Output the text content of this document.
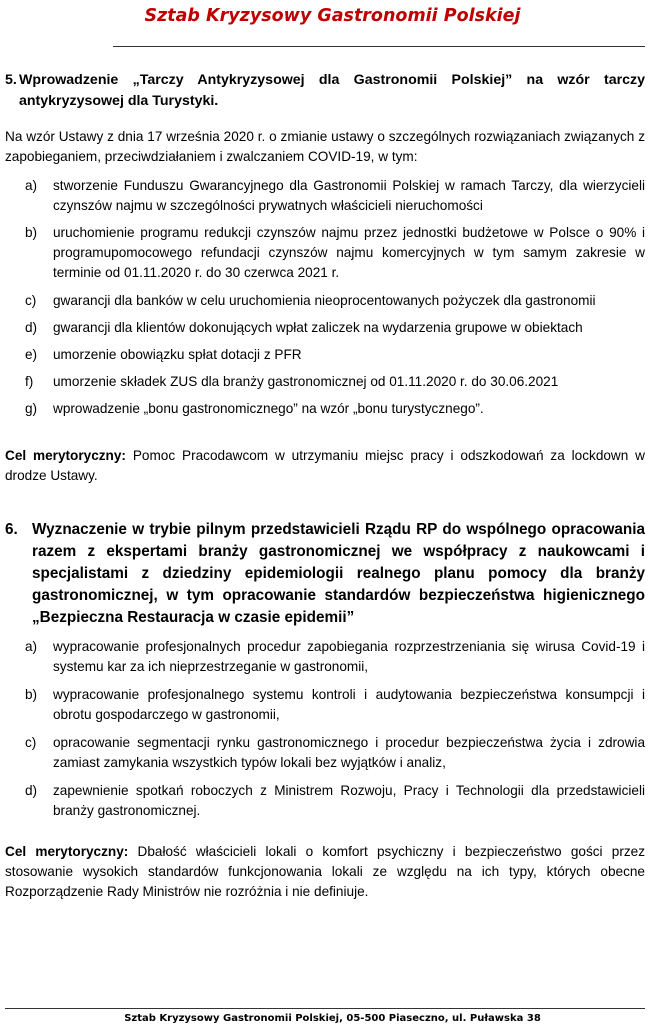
Sztab Kryzysowy Gastronomii Polskiej
5. Wprowadzenie „Tarczy Antykryzysowej dla Gastronomii Polskiej” na wzór tarczy antykryzysowej dla Turystyki.

Na wzór Ustawy z dnia 17 września 2020 r. o zmianie ustawy o szczególnych rozwiązaniach związanych z zapobieganiem, przeciwdziałaniem i zwalczaniem COVID-19, w tym:

a)	stworzenie Funduszu Gwarancyjnego dla Gastronomii Polskiej w ramach Tarczy, dla wierzycieli czynszów najmu w szczególności prywatnych właścicieli nieruchomości
b)	uruchomienie programu redukcji czynszów najmu przez jednostki budżetowe w Polsce o 90% i programupomocowego refundacji czynszów najmu komercyjnych w tym samym zakresie w terminie od 01.11.2020 r. do 30 czerwca 2021 r.
c)	gwarancji dla banków w celu uruchomienia nieoprocentowanych pożyczek dla gastronomii
d)	gwarancji dla klientów dokonujących wpłat zaliczek na wydarzenia grupowe w obiektach
e)	umorzenie obowiązku spłat dotacji z PFR
f)	umorzenie składek ZUS dla branży gastronomicznej od 01.11.2020 r. do 30.06.2021
g)	wprowadzenie „bonu gastronomicznego” na wzór „bonu turystycznego”.

Cel merytoryczny: Pomoc Pracodawcom w utrzymaniu miejsc pracy i odszkodowań za lockdown w drodze Ustawy.

6. Wyznaczenie w trybie pilnym przedstawicieli Rządu RP do wspólnego opracowania razem z ekspertami branży gastronomicznej we współpracy z naukowcami i specjalistami z dziedziny epidemiologii realnego planu pomocy dla branży gastronomicznej, w tym opracowanie standardów bezpieczeństwa higienicznego „Bezpieczna Restauracja w czasie epidemii”
a)	wypracowanie profesjonalnych procedur zapobiegania rozprzestrzeniania się wirusa Covid-19 i systemu kar za ich nieprzestrzeganie w gastronomii,
b)	wypracowanie profesjonalnego systemu kontroli i audytowania bezpieczeństwa konsumpcji i obrotu gospodarczego w gastronomii,
c)	opracowanie segmentacji rynku gastronomicznego i procedur bezpieczeństwa życia i zdrowia zamiast zamykania wszystkich typów lokali bez wyjątków i analiz,
d)	zapewnienie spotkań roboczych z Ministrem Rozwoju, Pracy i Technologii dla przedstawicieli branży gastronomicznej.

Cel merytoryczny: Dbałość właścicieli lokali o komfort psychiczny i bezpieczeństwo gości przez stosowanie wysokich standardów funkcjonowania lokali ze względu na ich typy, których obecne Rozporządzenie Rady Ministrów nie rozróżnia i nie definiuje.

Sztab Kryzysowy Gastronomii Polskiej, 05-500 Piaseczno, ul. Puławska 38
